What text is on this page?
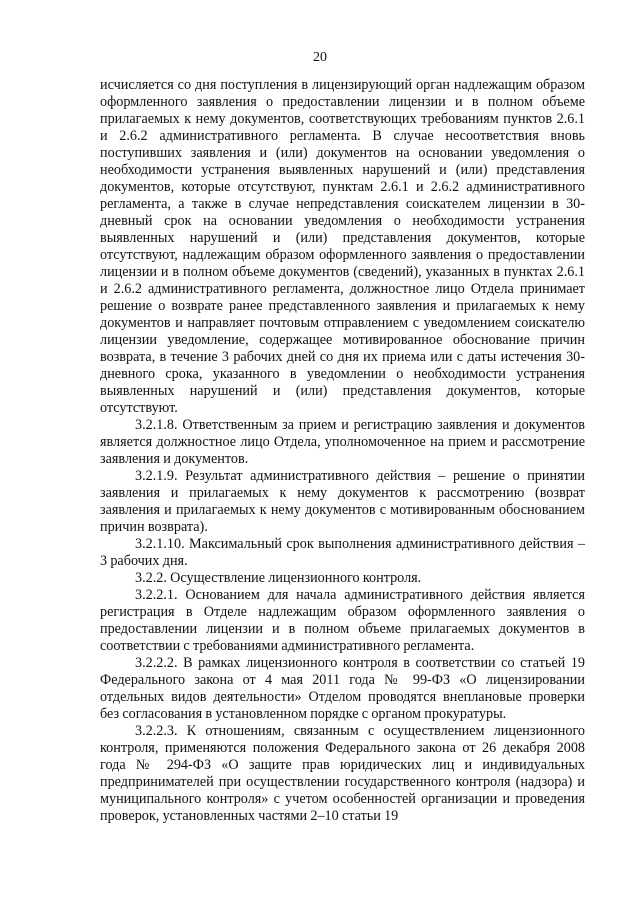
20

исчисляется со дня поступления в лицензирующий орган надлежащим образом оформленного заявления о предоставлении лицензии и в полном объеме прилагаемых к нему документов, соответствующих требованиям пунктов 2.6.1 и 2.6.2 административного регламента. В случае несоответствия вновь поступивших заявления и (или) документов на основании уведомления о необходимости устранения выявленных нарушений и (или) представления документов, которые отсутствуют, пунктам 2.6.1 и 2.6.2 административного регламента, а также в случае непредставления соискателем лицензии в 30-дневный срок на основании уведомления о необходимости устранения выявленных нарушений и (или) представления документов, которые отсутствуют, надлежащим образом оформленного заявления о предоставлении лицензии и в полном объеме документов (сведений), указанных в пунктах 2.6.1 и 2.6.2 административного регламента, должностное лицо Отдела принимает решение о возврате ранее представленного заявления и прилагаемых к нему документов и направляет почтовым отправлением с уведомлением соискателю лицензии уведомление, содержащее мотивированное обоснование причин возврата, в течение 3 рабочих дней со дня их приема или с даты истечения 30-дневного срока, указанного в уведомлении о необходимости устранения выявленных нарушений и (или) представления документов, которые отсутствуют.

3.2.1.8. Ответственным за прием и регистрацию заявления и документов является должностное лицо Отдела, уполномоченное на прием и рассмотрение заявления и документов.

3.2.1.9. Результат административного действия – решение о принятии заявления и прилагаемых к нему документов к рассмотрению (возврат заявления и прилагаемых к нему документов с мотивированным обоснованием причин возврата).

3.2.1.10. Максимальный срок выполнения административного действия – 3 рабочих дня.

3.2.2. Осуществление лицензионного контроля.

3.2.2.1. Основанием для начала административного действия является регистрация в Отделе надлежащим образом оформленного заявления о предоставлении лицензии и в полном объеме прилагаемых документов в соответствии с требованиями административного регламента.

3.2.2.2. В рамках лицензионного контроля в соответствии со статьей 19 Федерального закона от 4 мая 2011 года № 99-ФЗ «О лицензировании отдельных видов деятельности» Отделом проводятся внеплановые проверки без согласования в установленном порядке с органом прокуратуры.

3.2.2.3. К отношениям, связанным с осуществлением лицензионного контроля, применяются положения Федерального закона от 26 декабря 2008 года № 294-ФЗ «О защите прав юридических лиц и индивидуальных предпринимателей при осуществлении государственного контроля (надзора) и муниципального контроля» с учетом особенностей организации и проведения проверок, установленных частями 2–10 статьи 19
